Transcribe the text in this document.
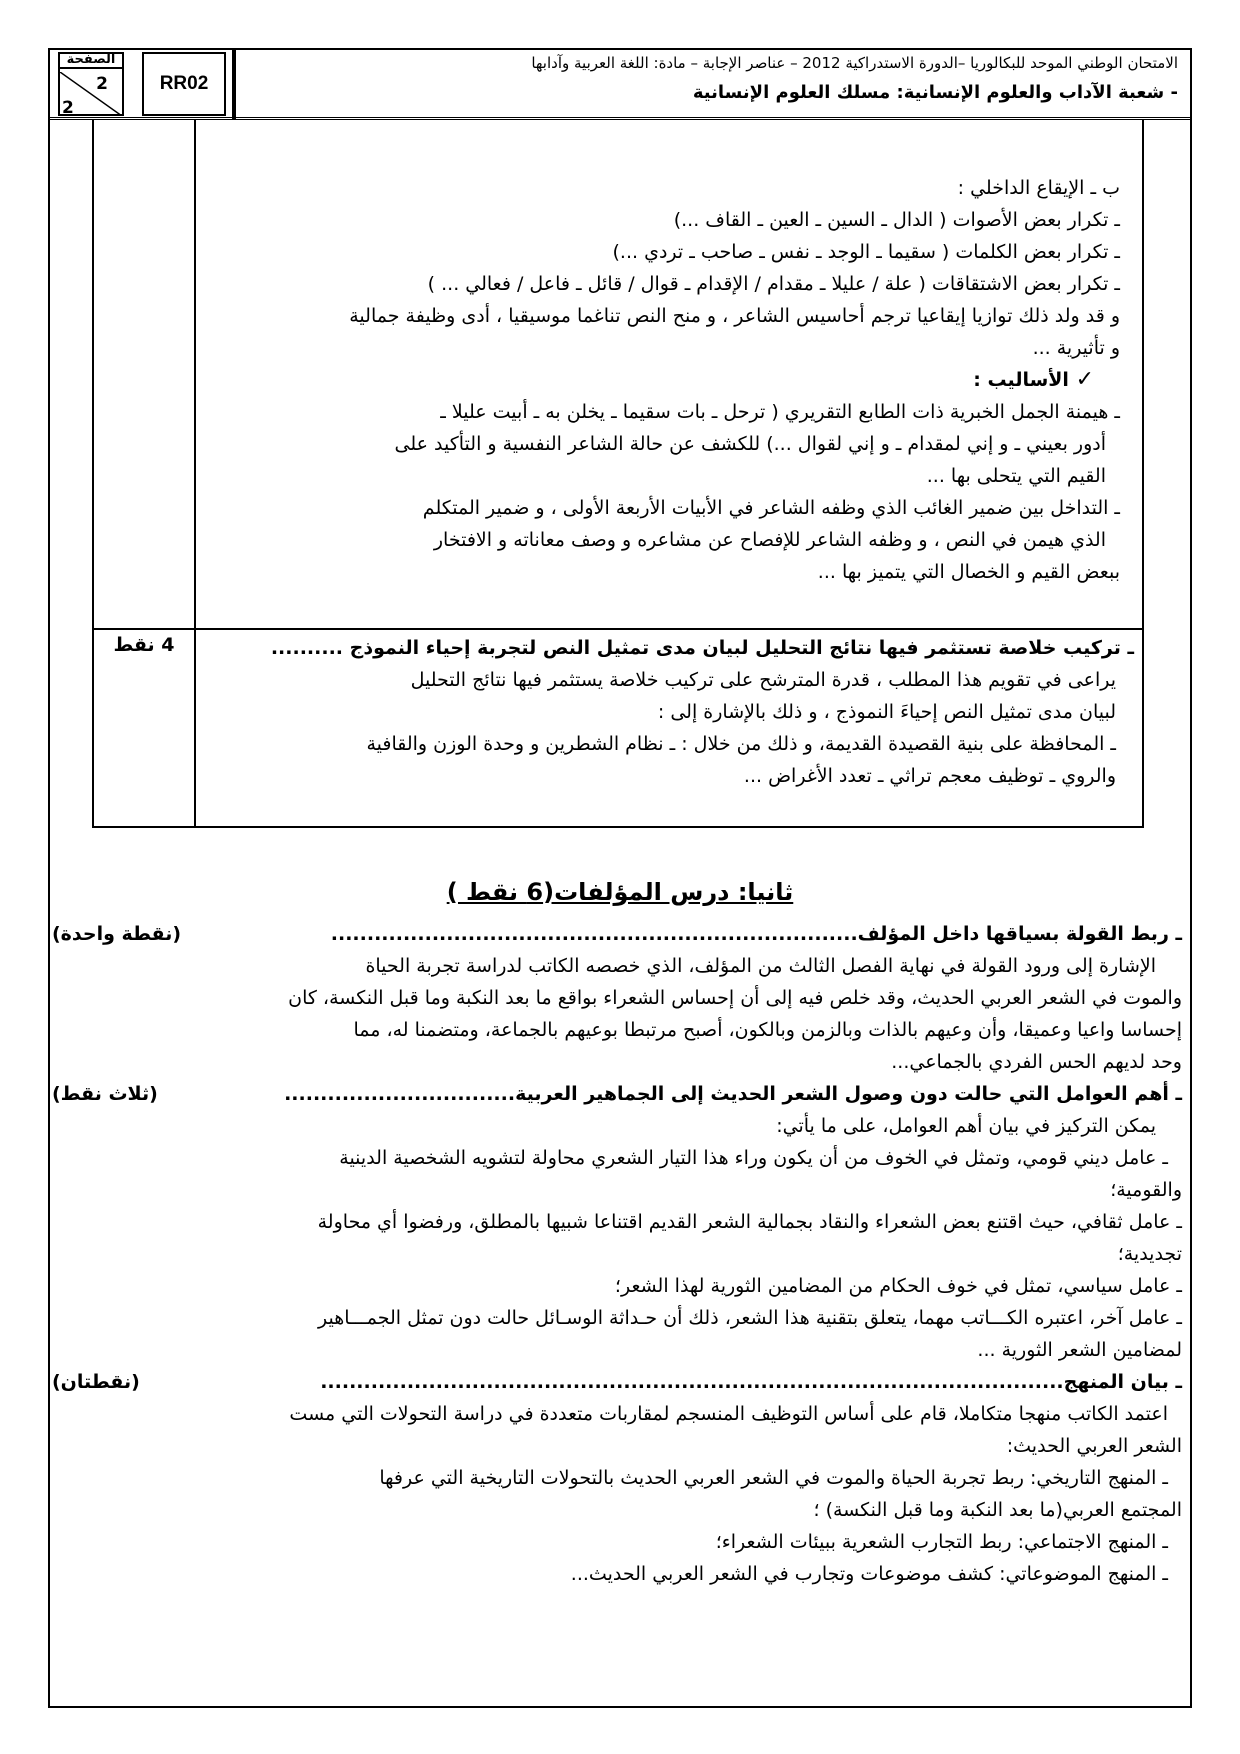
الصفحة
2
2
RR02
الامتحان الوطني الموحد للبكالوريا –الدورة الاستدراكية 2012 – عناصر الإجابة – مادة: اللغة العربية وآدابها
- شعبة الآداب والعلوم الإنسانية: مسلك العلوم الإنسانية
4 نقط
ب ـ الإيقاع الداخلي :
ـ تكرار بعض الأصوات ( الدال ـ السين ـ العين ـ القاف ...)
ـ تكرار بعض الكلمات ( سقيما ـ الوجد ـ نفس ـ صاحب ـ تردي ...)
ـ تكرار بعض الاشتقاقات ( علة / عليلا ـ مقدام / الإقدام ـ قوال / قائل ـ فاعل / فعالي ... )
و قد ولد ذلك توازيا إيقاعيا ترجم أحاسيس الشاعر ، و منح النص تناغما موسيقيا ، أدى وظيفة جمالية
و تأثيرية ...
✓ الأساليب :
ـ هيمنة الجمل الخبرية ذات الطابع التقريري ( ترحل ـ بات سقيما ـ يخلن به ـ أبيت عليلا ـ
أدور بعيني ـ و إني لمقدام ـ و إني لقوال ...) للكشف عن حالة الشاعر النفسية و التأكيد على
القيم التي يتحلى بها ...
ـ التداخل بين ضمير الغائب الذي وظفه الشاعر في الأبيات الأربعة الأولى ، و ضمير المتكلم
الذي هيمن في النص ، و وظفه الشاعر للإفصاح عن مشاعره و وصف معاناته و الافتخار
ببعض القيم و الخصال التي يتميز بها ...
ـ تركيب خلاصة تستثمر فيها نتائج التحليل لبيان مدى تمثيل النص لتجربة إحياء النموذج ..........
يراعى في تقويم هذا المطلب ، قدرة المترشح على تركيب خلاصة يستثمر فيها نتائج التحليل
لبيان مدى تمثيل النص إحياءَ النموذج ، و ذلك بالإشارة إلى :
ـ المحافظة على بنية القصيدة القديمة، و ذلك من خلال : ـ نظام الشطرين و وحدة الوزن والقافية
والروي ـ توظيف معجم تراثي ـ تعدد الأغراض ...
ثانيا: درس المؤلفات(6 نقط )
ـ ربط القولة بسياقها داخل المؤلف.........................................................................
(نقطة واحدة)
الإشارة إلى ورود القولة في نهاية الفصل الثالث من المؤلف، الذي خصصه الكاتب لدراسة تجربة الحياة
والموت في الشعر العربي الحديث، وقد خلص فيه إلى أن إحساس الشعراء بواقع ما بعد النكبة وما قبل النكسة، كان
إحساسا واعيا وعميقا، وأن وعيهم بالذات وبالزمن وبالكون، أصبح مرتبطا بوعيهم بالجماعة، ومتضمنا له، مما
وحد لديهم الحس الفردي بالجماعي...
ـ أهم العوامل التي حالت دون وصول الشعر الحديث إلى الجماهير العربية................................
(ثلاث نقط)
يمكن التركيز في بيان أهم العوامل، على ما يأتي:
ـ عامل ديني قومي، وتمثل في الخوف من أن يكون وراء هذا التيار الشعري محاولة لتشويه الشخصية الدينية
والقومية؛
ـ عامل ثقافي، حيث اقتنع بعض الشعراء والنقاد بجمالية الشعر القديم اقتناعا شبيها بالمطلق، ورفضوا أي محاولة
تجديدية؛
ـ عامل سياسي، تمثل في خوف الحكام من المضامين الثورية لهذا الشعر؛
ـ عامل آخر، اعتبره الكـــاتب مهما، يتعلق بتقنية هذا الشعر، ذلك أن حـداثة الوسـائل حالت دون تمثل الجمـــاهير
لمضامين الشعر الثورية ...
ـ بيان المنهج.......................................................................................................
(نقطتان)
اعتمد الكاتب منهجا متكاملا، قام على أساس التوظيف المنسجم لمقاربات متعددة في دراسة التحولات التي مست
الشعر العربي الحديث:
ـ المنهج التاريخي: ربط تجربة الحياة والموت في الشعر العربي الحديث بالتحولات التاريخية التي عرفها
المجتمع العربي(ما بعد النكبة وما قبل النكسة) ؛
ـ المنهج الاجتماعي: ربط التجارب الشعرية ببيئات الشعراء؛
ـ المنهج الموضوعاتي: كشف موضوعات وتجارب في الشعر العربي الحديث...
